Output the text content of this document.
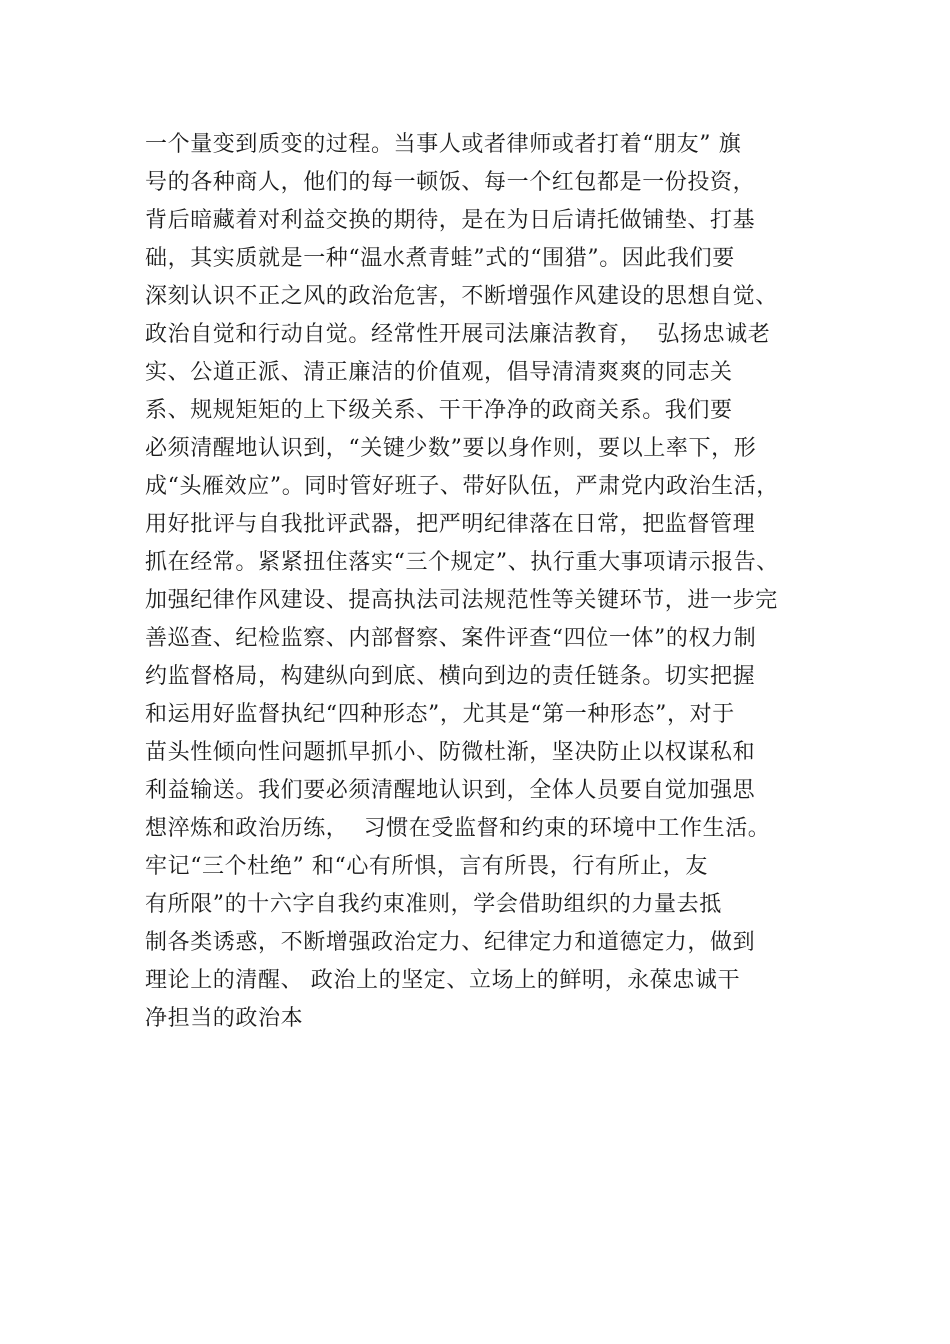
一个量变到质变的过程。当事人或者律师或者打着“朋友” 旗
号的各种商人，他们的每一顿饭、每一个红包都是一份投资，
背后暗藏着对利益交换的期待，是在为日后请托做铺垫、打基
础，其实质就是一种“温水煮青蛙”式的“围猎”。因此我们要
深刻认识不正之风的政治危害，不断增强作风建设的思想自觉、
政治自觉和行动自觉。经常性开展司法廉洁教育，  弘扬忠诚老
实、公道正派、清正廉洁的价值观，倡导清清爽爽的同志关
系、规规矩矩的上下级关系、干干净净的政商关系。我们要
必须清醒地认识到，“关键少数”要以身作则，要以上率下，形
成“头雁效应”。同时管好班子、带好队伍，严肃党内政治生活，
用好批评与自我批评武器，把严明纪律落在日常，把监督管理
抓在经常。紧紧扭住落实“三个规定”、执行重大事项请示报告、
加强纪律作风建设、提高执法司法规范性等关键环节，进一步完
善巡查、纪检监察、内部督察、案件评查“四位一体”的权力制
约监督格局，构建纵向到底、横向到边的责任链条。切实把握
和运用好监督执纪“四种形态”，尤其是“第一种形态”，对于
苗头性倾向性问题抓早抓小、防微杜渐，坚决防止以权谋私和
利益输送。我们要必须清醒地认识到，全体人员要自觉加强思
想淬炼和政治历练，  习惯在受监督和约束的环境中工作生活。
牢记“三个杜绝” 和“心有所惧，言有所畏，行有所止，友
有所限”的十六字自我约束准则，学会借助组织的力量去抵
制各类诱惑，不断增强政治定力、纪律定力和道德定力，做到
理论上的清醒、 政治上的坚定、立场上的鲜明，永葆忠诚干
净担当的政治本
